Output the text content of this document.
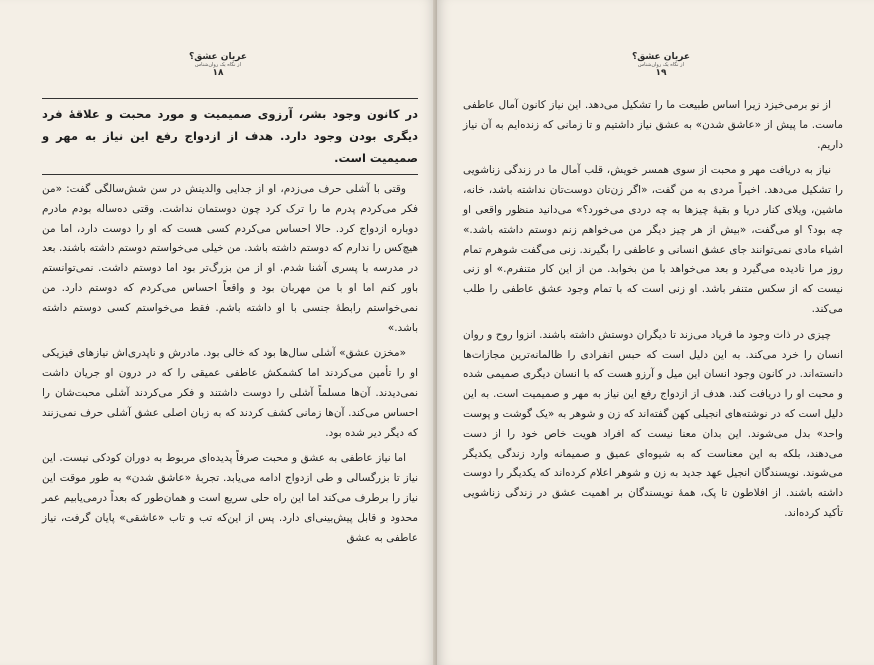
عریان عشق؟
از نگاه یک روان‌شناس
۱۸
در کانون وجود بشر، آرزوی صمیمیت و مورد محبت و علاقهٔ فرد دیگری بودن وجود دارد. هدف از ازدواج رفع این نیاز به مهر و صمیمیت است.

وقتی با آشلی حرف می‌زدم، او از جدایی والدینش در سن شش‌سالگی گفت: «من فکر می‌کردم پدرم ما را ترک کرد چون دوستمان نداشت. وقتی ده‌ساله بودم مادرم دوباره ازدواج کرد. حالا احساس می‌کردم کسی هست که او را دوست دارد، اما من هیچ‌کس را ندارم که دوستم داشته باشد. من خیلی می‌خواستم دوستم داشته باشند. بعد در مدرسه با پسری آشنا شدم. او از من بزرگ‌تر بود اما دوستم داشت. نمی‌توانستم باور کنم اما او با من مهربان بود و واقعاً احساس می‌کردم که دوستم دارد. من نمی‌خواستم رابطهٔ جنسی با او داشته باشم. فقط می‌خواستم کسی دوستم داشته باشد.»

«مخزن عشق» آشلی سال‌ها بود که خالی بود. مادرش و ناپدری‌اش نیازهای فیزیکی او را تأمین می‌کردند اما کشمکش عاطفی عمیقی را که در درون او جریان داشت نمی‌دیدند. آن‌ها مسلماً آشلی را دوست داشتند و فکر می‌کردند آشلی محبت‌شان را احساس می‌کند. آن‌ها زمانی کشف کردند که به زبان اصلی عشق آشلی حرف نمی‌زنند که دیگر دیر شده بود.

اما نیاز عاطفی به عشق و محبت صرفاً پدیده‌ای مربوط به دوران کودکی نیست. این نیاز تا بزرگسالی و طی ازدواج ادامه می‌یابد. تجربهٔ «عاشق شدن» به طور موقت این نیاز را برطرف می‌کند اما این راه حلی سریع است و همان‌طور که بعداً درمی‌یابیم عمر محدود و قابل پیش‌بینی‌ای دارد. پس از این‌که تب و تاب «عاشقی» پایان گرفت، نیاز عاطفی به عشق

عریان عشق؟
از نگاه یک روان‌شناس
۱۹

از نو برمی‌خیزد زیرا اساس طبیعت ما را تشکیل می‌دهد. این نیاز کانون آمال عاطفی ماست. ما پیش از «عاشق شدن» به عشق نیاز داشتیم و تا زمانی که زنده‌ایم به آن نیاز داریم.

نیاز به دریافت مهر و محبت از سوی همسر خویش، قلب آمال ما در زندگی زناشویی را تشکیل می‌دهد. اخیراً مردی به من گفت، «اگر زن‌تان دوست‌تان نداشته باشد، خانه، ماشین، ویلای کنار دریا و بقیهٔ چیزها به چه دردی می‌خورد؟» می‌دانید منظور واقعی او چه بود؟ او می‌گفت، «بیش از هر چیز دیگر من می‌خواهم زنم دوستم داشته باشد.» اشیاء مادی نمی‌توانند جای عشق انسانی و عاطفی را بگیرند. زنی می‌گفت شوهرم تمام روز مرا نادیده می‌گیرد و بعد می‌خواهد با من بخوابد. من از این کار متنفرم.» او زنی نیست که از سکس متنفر باشد. او زنی است که با تمام وجود عشق عاطفی را طلب می‌کند.

چیزی در ذات وجود ما فریاد می‌زند تا دیگران دوستش داشته باشند. انزوا روح و روان انسان را خرد می‌کند. به این دلیل است که حبس انفرادی را ظالمانه‌ترین مجازات‌ها دانسته‌اند. در کانون وجود انسان این میل و آرزو هست که با انسان دیگری صمیمی شده و محبت او را دریافت کند. هدف از ازدواج رفع این نیاز به مهر و صمیمیت است. به این دلیل است که در نوشته‌های انجیلی کهن گفته‌اند که زن و شوهر به «یک گوشت و پوست واحد» بدل می‌شوند. این بدان معنا نیست که افراد هویت خاص خود را از دست می‌دهند، بلکه به این معناست که به شیوه‌ای عمیق و صمیمانه وارد زندگی یکدیگر می‌شوند. نویسندگان انجیل عهد جدید به زن و شوهر اعلام کرده‌اند که یکدیگر را دوست داشته باشند. از افلاطون تا پک، همهٔ نویسندگان بر اهمیت عشق در زندگی زناشویی تأکید کرده‌اند.
